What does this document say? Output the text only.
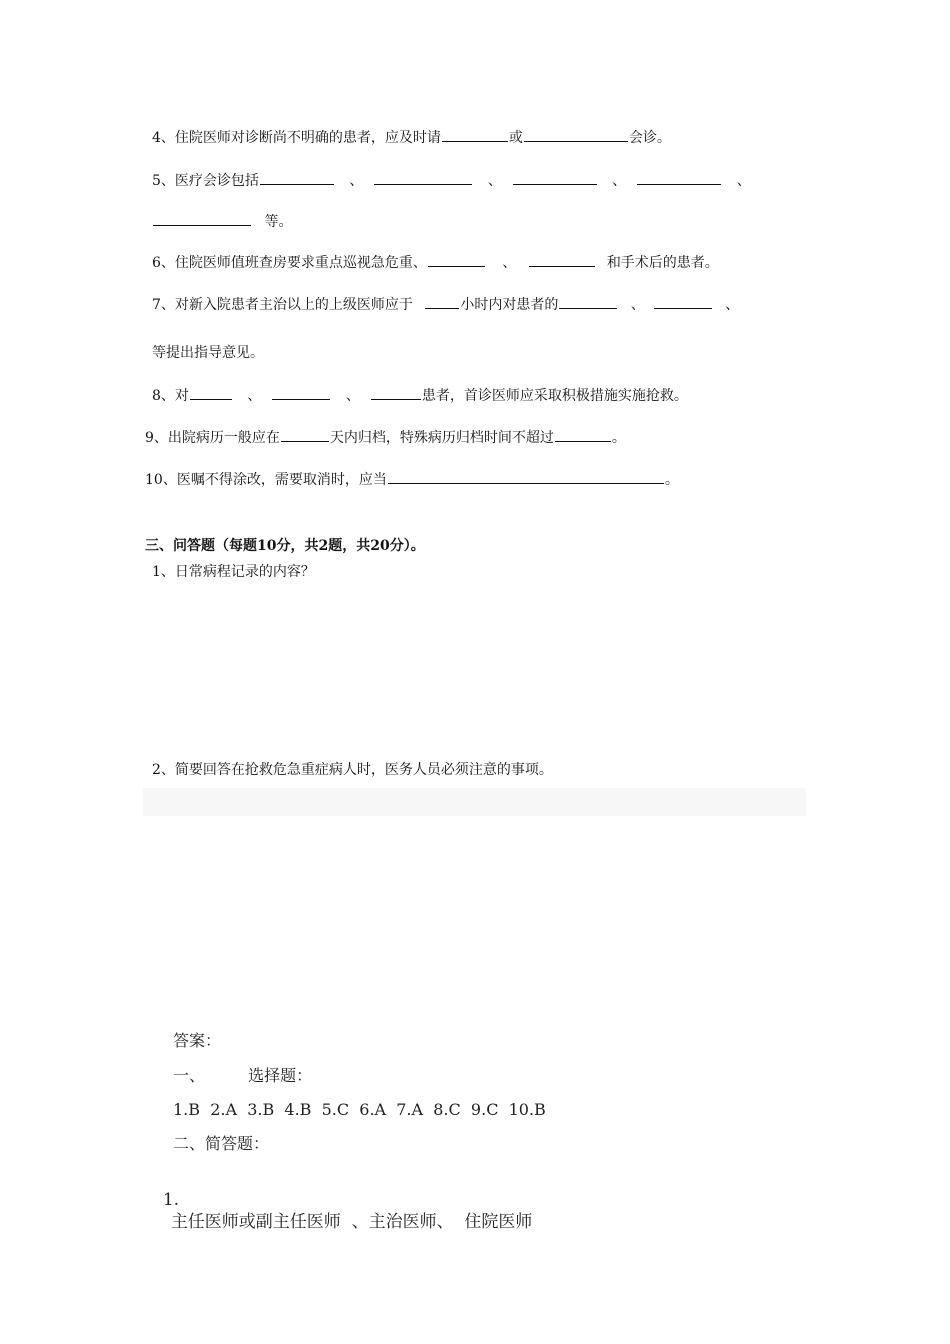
4、住院医师对诊断尚不明确的患者，应及时请	或	会诊。
5、医疗会诊包括	、	、	、	、
等。
6、住院医师值班查房要求重点巡视急危重、	、	和手术后的患者。
7、对新入院患者主治以上的上级医师应于	小时内对患者的	、	、
等提出指导意见。
8、对	、	、	患者，首诊医师应采取积极措施实施抢救。
9、出院病历一般应在	天内归档，特殊病历归档时间不超过	。
10、医嘱不得涂改，需要取消时，应当	。
三、问答题（每题10分，共2题，共20分）。
1、日常病程记录的内容？
2、简要回答在抢救危急重症病人时，医务人员必须注意的事项。
答案：
一、	选择题：
1.B  2.A  3.B  4.B  5.C  6.A  7.A  8.C  9.C  10.B
二、简答题：

1.
主任医师或副主任医师  、主治医师、  住院医师
